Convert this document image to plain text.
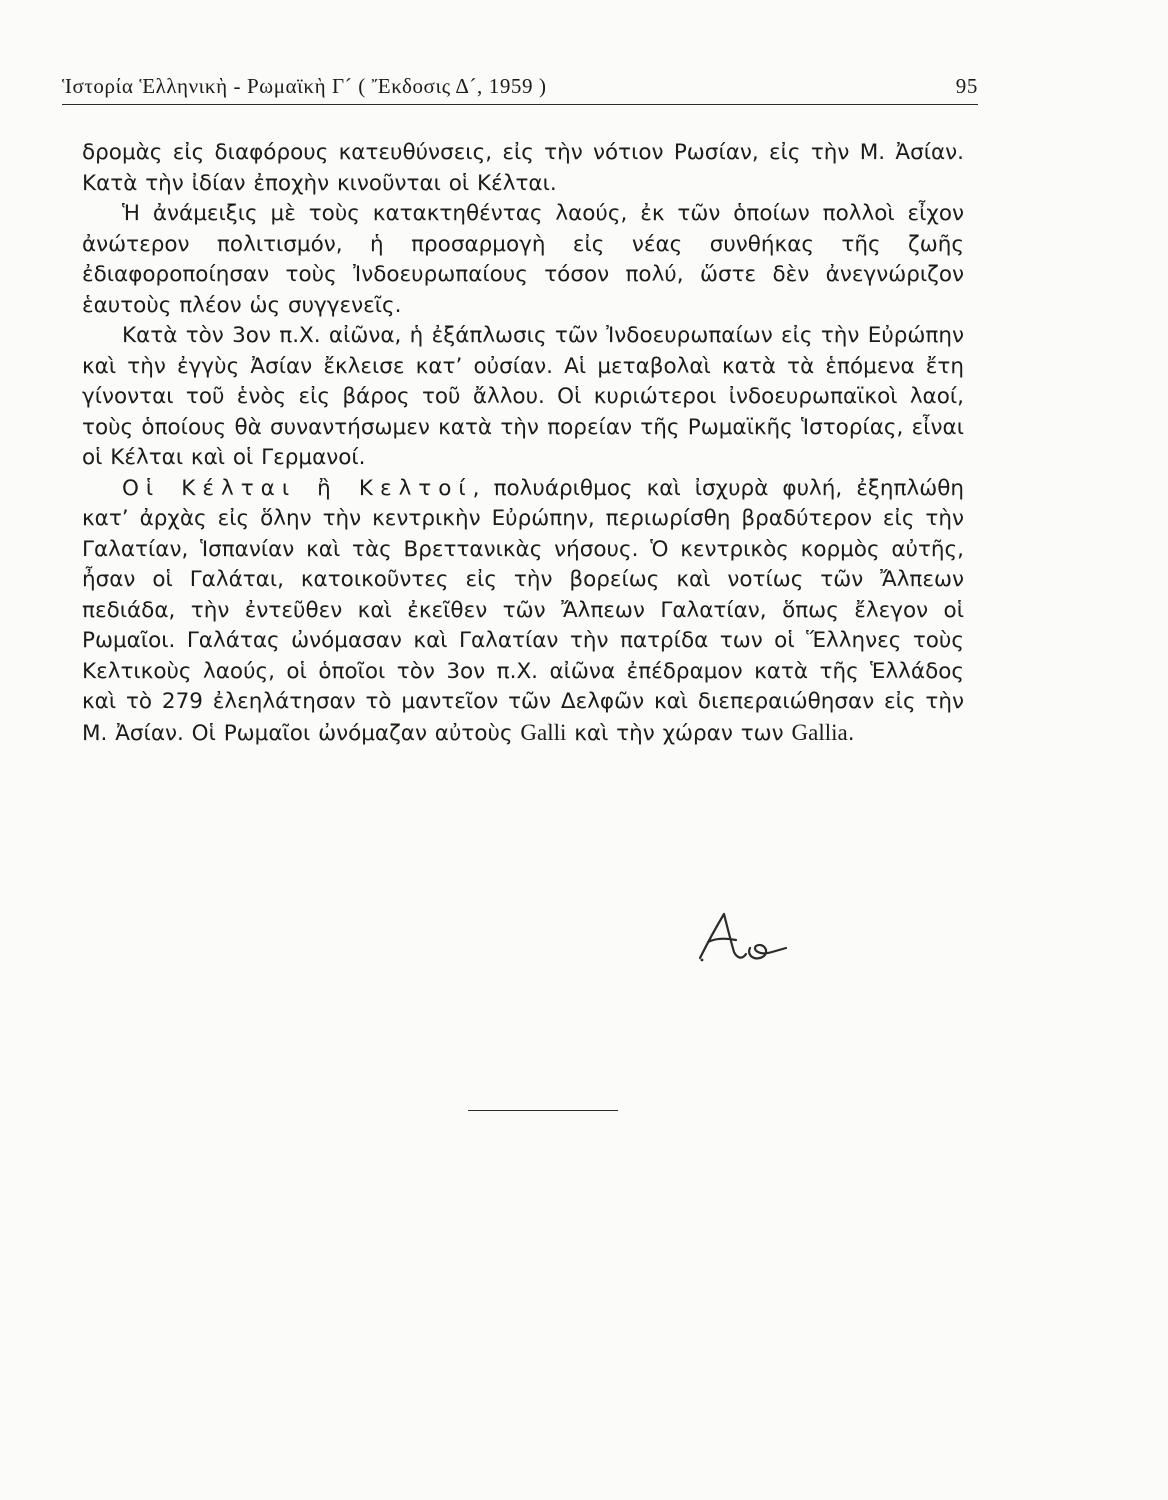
Ἱστορία Ἑλληνικὴ - Ρωμαϊκὴ Γ´ ( Ἔκδοσις Δ´, 1959 )	95

δρομὰς εἰς διαφόρους κατευθύνσεις, εἰς τὴν νότιον Ρωσίαν, εἰς τὴν Μ. Ἀσίαν. Κατὰ τὴν ἰδίαν ἐποχὴν κινοῦνται οἱ Κέλται.

Ἡ ἀνάμειξις μὲ τοὺς κατακτηθέντας λαούς, ἐκ τῶν ὁποίων πολλοὶ εἶχον ἀνώτερον πολιτισμόν, ἡ προσαρμογὴ εἰς νέας συνθήκας τῆς ζωῆς ἐδιαφοροποίησαν τοὺς Ἰνδοευρωπαίους τόσον πολύ, ὥστε δὲν ἀνεγνώριζον ἑαυτοὺς πλέον ὡς συγγενεῖς.

Κατὰ τὸν 3ον π.Χ. αἰῶνα, ἡ ἐξάπλωσις τῶν Ἰνδοευρωπαίων εἰς τὴν Εὐρώπην καὶ τὴν ἐγγὺς Ἀσίαν ἔκλεισε κατ’ οὐσίαν. Αἱ μεταβολαὶ κατὰ τὰ ἑπόμενα ἔτη γίνονται τοῦ ἑνὸς εἰς βάρος τοῦ ἄλλου. Οἱ κυριώτεροι ἰνδοευρωπαϊκοὶ λαοί, τοὺς ὁποίους θὰ συναντήσωμεν κατὰ τὴν πορείαν τῆς Ρωμαϊκῆς Ἱστορίας, εἶναι οἱ Κέλται καὶ οἱ Γερμανοί.

Οἱ Κέλται ἢ Κελτοί, πολυάριθμος καὶ ἰσχυρὰ φυλή, ἐξηπλώθη κατ’ ἀρχὰς εἰς ὅλην τὴν κεντρικὴν Εὐρώπην, περιωρίσθη βραδύτερον εἰς τὴν Γαλατίαν, Ἱσπανίαν καὶ τὰς Βρεττανικὰς νήσους. Ὁ κεντρικὸς κορμὸς αὐτῆς, ἦσαν οἱ Γαλάται, κατοικοῦντες εἰς τὴν βορείως καὶ νοτίως τῶν Ἄλπεων πεδιάδα, τὴν ἐντεῦθεν καὶ ἐκεῖθεν τῶν Ἄλπεων Γαλατίαν, ὅπως ἔλεγον οἱ Ρωμαῖοι. Γαλάτας ὠνόμασαν καὶ Γαλατίαν τὴν πατρίδα των οἱ Ἕλληνες τοὺς Κελτικοὺς λαούς, οἱ ὁποῖοι τὸν 3ον π.Χ. αἰῶνα ἐπέδραμον κατὰ τῆς Ἑλλάδος καὶ τὸ 279 ἐλεηλάτησαν τὸ μαντεῖον τῶν Δελφῶν καὶ διεπεραιώθησαν εἰς τὴν Μ. Ἀσίαν. Οἱ Ρωμαῖοι ὠνόμαζαν αὐτοὺς Galli καὶ τὴν χώραν των Gallia.
